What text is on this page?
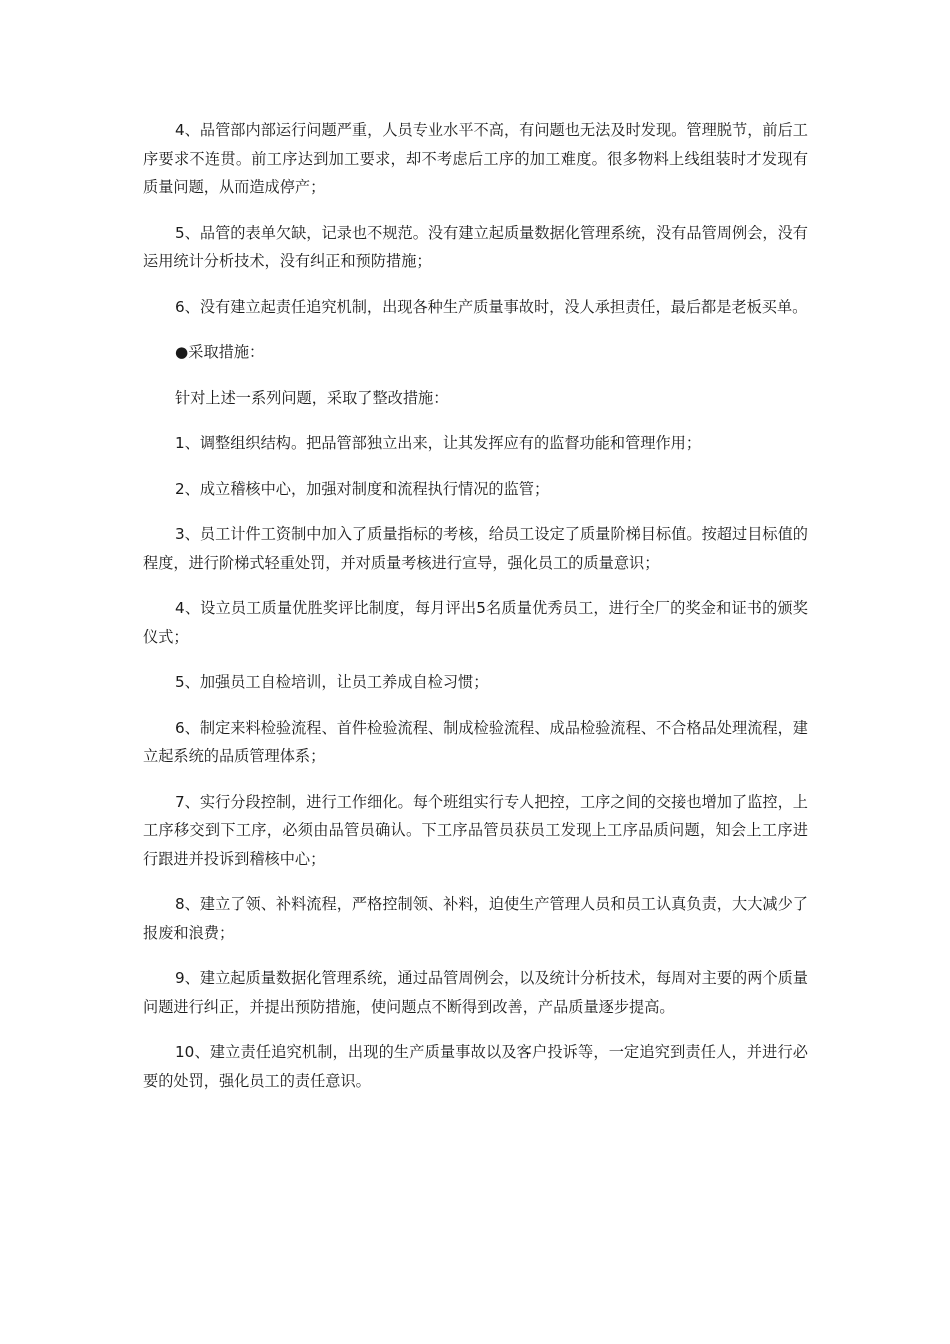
4、品管部内部运行问题严重，人员专业水平不高，有问题也无法及时发现。管理脱节，前后工序要求不连贯。前工序达到加工要求，却不考虑后工序的加工难度。很多物料上线组装时才发现有质量问题，从而造成停产；

5、品管的表单欠缺，记录也不规范。没有建立起质量数据化管理系统，没有品管周例会，没有运用统计分析技术，没有纠正和预防措施；

6、没有建立起责任追究机制，出现各种生产质量事故时，没人承担责任，最后都是老板买单。

●采取措施：

针对上述一系列问题，采取了整改措施：

1、调整组织结构。把品管部独立出来，让其发挥应有的监督功能和管理作用；

2、成立稽核中心，加强对制度和流程执行情况的监管；

3、员工计件工资制中加入了质量指标的考核，给员工设定了质量阶梯目标值。按超过目标值的程度，进行阶梯式轻重处罚，并对质量考核进行宣导，强化员工的质量意识；

4、设立员工质量优胜奖评比制度，每月评出5名质量优秀员工，进行全厂的奖金和证书的颁奖仪式；

5、加强员工自检培训，让员工养成自检习惯；

6、制定来料检验流程、首件检验流程、制成检验流程、成品检验流程、不合格品处理流程，建立起系统的品质管理体系；

7、实行分段控制，进行工作细化。每个班组实行专人把控，工序之间的交接也增加了监控，上工序移交到下工序，必须由品管员确认。下工序品管员获员工发现上工序品质问题，知会上工序进行跟进并投诉到稽核中心；

8、建立了领、补料流程，严格控制领、补料，迫使生产管理人员和员工认真负责，大大减少了报废和浪费；

9、建立起质量数据化管理系统，通过品管周例会，以及统计分析技术，每周对主要的两个质量问题进行纠正，并提出预防措施，使问题点不断得到改善，产品质量逐步提高。

10、建立责任追究机制，出现的生产质量事故以及客户投诉等，一定追究到责任人，并进行必要的处罚，强化员工的责任意识。
